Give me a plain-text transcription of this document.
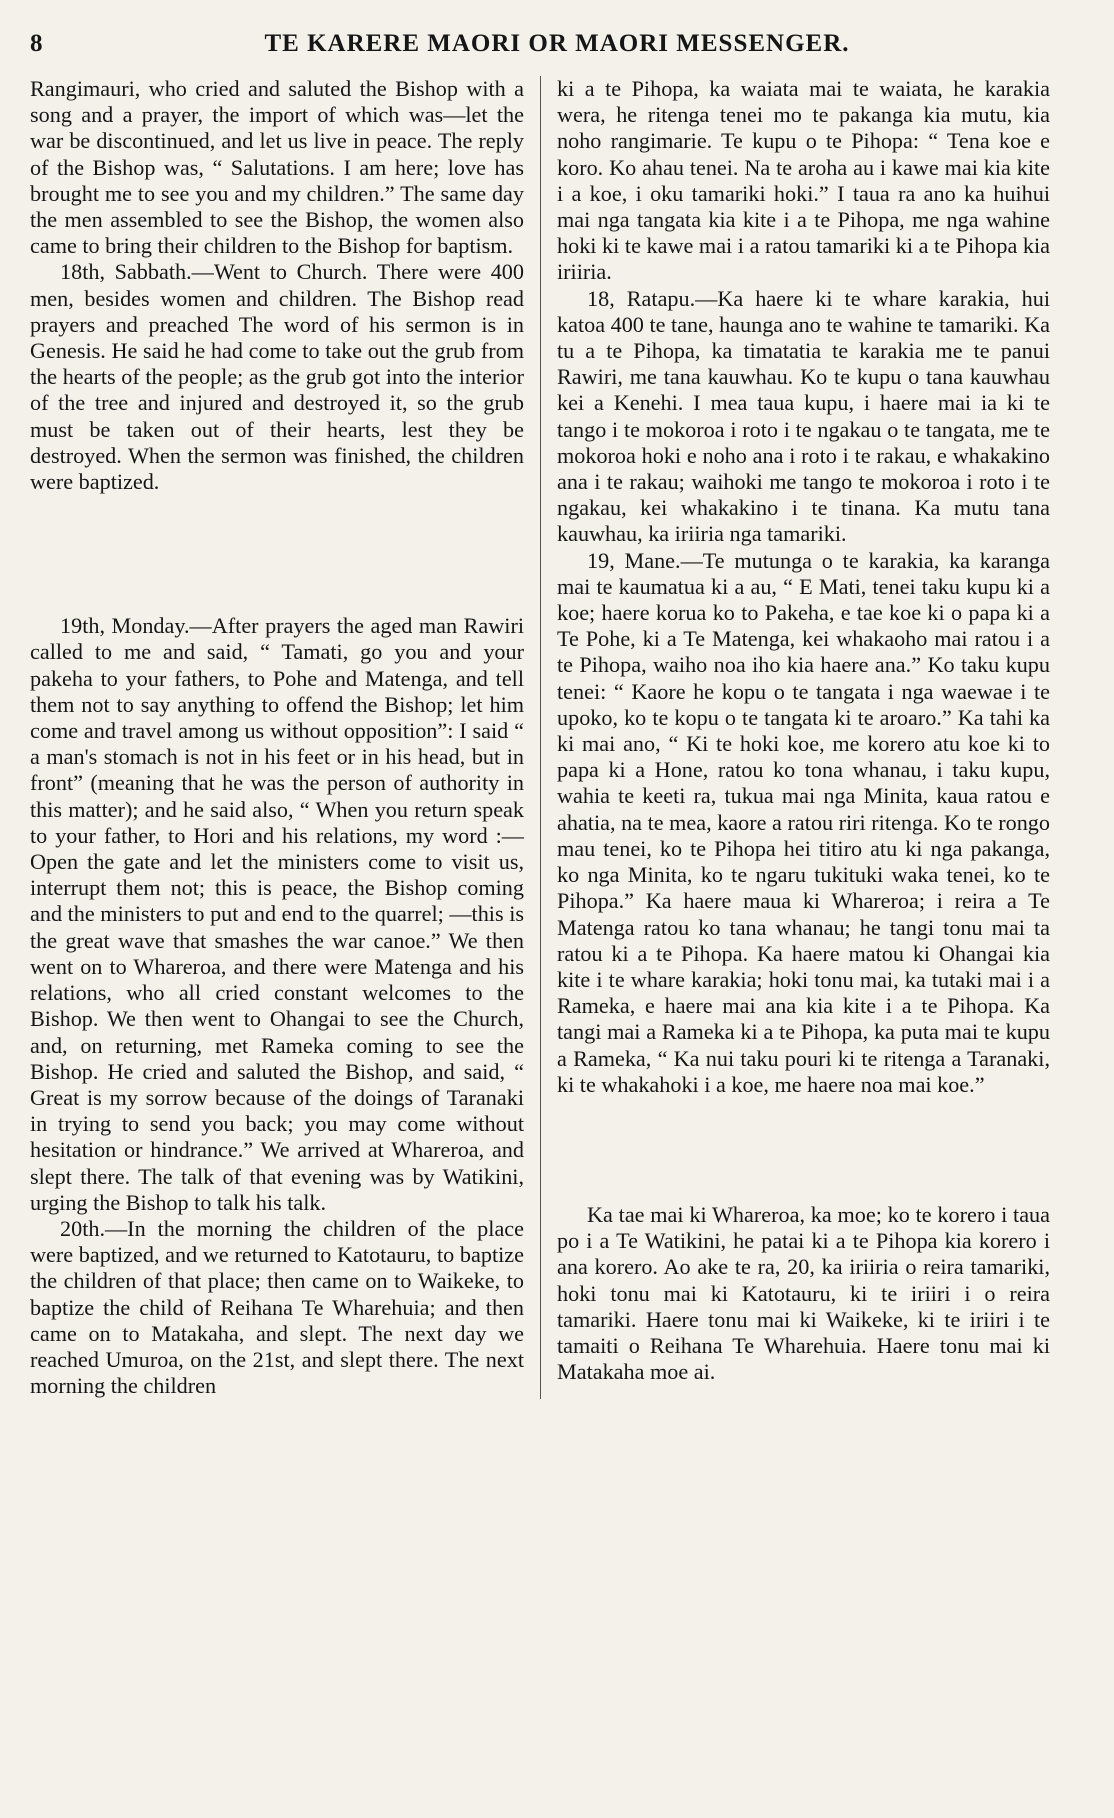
8	TE KARERE MAORI OR MAORI MESSENGER.

Rangimauri, who cried and saluted the Bishop with a song and a prayer, the import of which was—let the war be discontinued, and let us live in peace. The reply of the Bishop was, “ Salutations. I am here; love has brought me to see you and my children.” The same day the men assembled to see the Bishop, the women also came to bring their children to the Bishop for baptism.

18th, Sabbath.—Went to Church. There were 400 men, besides women and children. The Bishop read prayers and preached The word of his sermon is in Genesis. He said he had come to take out the grub from the hearts of the people; as the grub got into the interior of the tree and injured and destroyed it, so the grub must be taken out of their hearts, lest they be destroyed. When the sermon was finished, the children were baptized.

19th, Monday.—After prayers the aged man Rawiri called to me and said, “ Tamati, go you and your pakeha to your fathers, to Pohe and Matenga, and tell them not to say anything to offend the Bishop; let him come and travel among us without opposition”: I said “ a man's stomach is not in his feet or in his head, but in front” (meaning that he was the person of authority in this matter); and he said also, “ When you return speak to your father, to Hori and his relations, my word :— Open the gate and let the ministers come to visit us, interrupt them not; this is peace, the Bishop coming and the ministers to put and end to the quarrel; —this is the great wave that smashes the war canoe.” We then went on to Whareroa, and there were Matenga and his relations, who all cried constant welcomes to the Bishop. We then went to Ohangai to see the Church, and, on returning, met Rameka coming to see the Bishop. He cried and saluted the Bishop, and said, “ Great is my sorrow because of the doings of Taranaki in trying to send you back; you may come without hesitation or hindrance.” We arrived at Whareroa, and slept there. The talk of that evening was by Watikini, urging the Bishop to talk his talk.

20th.—In the morning the children of the place were baptized, and we returned to Katotauru, to baptize the children of that place; then came on to Waikeke, to baptize the child of Reihana Te Wharehuia; and then came on to Matakaha, and slept. The next day we reached Umuroa, on the 21st, and slept there. The next morning the children

ki a te Pihopa, ka waiata mai te waiata, he karakia wera, he ritenga tenei mo te pakanga kia mutu, kia noho rangimarie. Te kupu o te Pihopa: “ Tena koe e koro. Ko ahau tenei. Na te aroha au i kawe mai kia kite i a koe, i oku tamariki hoki.” I taua ra ano ka huihui mai nga tangata kia kite i a te Pihopa, me nga wahine hoki ki te kawe mai i a ratou tamariki ki a te Pihopa kia iriiria.

18, Ratapu.—Ka haere ki te whare karakia, hui katoa 400 te tane, haunga ano te wahine te tamariki. Ka tu a te Pihopa, ka timatatia te karakia me te panui Rawiri, me tana kauwhau. Ko te kupu o tana kauwhau kei a Kenehi. I mea taua kupu, i haere mai ia ki te tango i te mokoroa i roto i te ngakau o te tangata, me te mokoroa hoki e noho ana i roto i te rakau, e whakakino ana i te rakau; waihoki me tango te mokoroa i roto i te ngakau, kei whakakino i te tinana. Ka mutu tana kauwhau, ka iriiria nga tamariki.

19, Mane.—Te mutunga o te karakia, ka karanga mai te kaumatua ki a au, “ E Mati, tenei taku kupu ki a koe; haere korua ko to Pakeha, e tae koe ki o papa ki a Te Pohe, ki a Te Matenga, kei whakaoho mai ratou i a te Pihopa, waiho noa iho kia haere ana.” Ko taku kupu tenei: “ Kaore he kopu o te tangata i nga waewae i te upoko, ko te kopu o te tangata ki te aroaro.” Ka tahi ka ki mai ano, “ Ki te hoki koe, me korero atu koe ki to papa ki a Hone, ratou ko tona whanau, i taku kupu, wahia te keeti ra, tukua mai nga Minita, kaua ratou e ahatia, na te mea, kaore a ratou riri ritenga. Ko te rongo mau tenei, ko te Pihopa hei titiro atu ki nga pakanga, ko nga Minita, ko te ngaru tukituki waka tenei, ko te Pihopa.” Ka haere maua ki Whareroa; i reira a Te Matenga ratou ko tana whanau; he tangi tonu mai ta ratou ki a te Pihopa. Ka haere matou ki Ohangai kia kite i te whare karakia; hoki tonu mai, ka tutaki mai i a Rameka, e haere mai ana kia kite i a te Pihopa. Ka tangi mai a Rameka ki a te Pihopa, ka puta mai te kupu a Rameka, “ Ka nui taku pouri ki te ritenga a Taranaki, ki te whakahoki i a koe, me haere noa mai koe.”

Ka tae mai ki Whareroa, ka moe; ko te korero i taua po i a Te Watikini, he patai ki a te Pihopa kia korero i ana korero. Ao ake te ra, 20, ka iriiria o reira tamariki, hoki tonu mai ki Katotauru, ki te iriiri i o reira tamariki. Haere tonu mai ki Waikeke, ki te iriiri i te tamaiti o Reihana Te Wharehuia. Haere tonu mai ki Matakaha moe ai.
